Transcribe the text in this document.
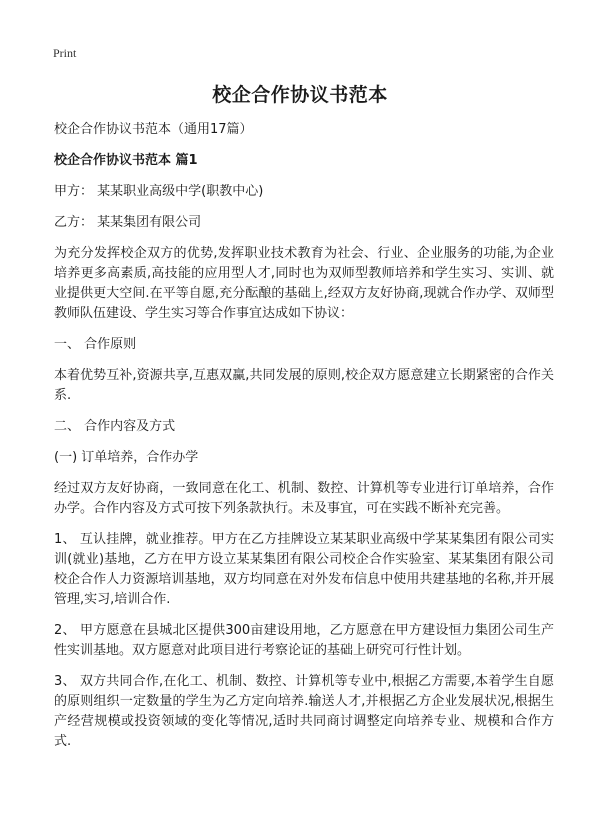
Print
校企合作协议书范本

校企合作协议书范本（通用17篇）

校企合作协议书范本 篇1

甲方： 某某职业高级中学(职教中心)

乙方： 某某集团有限公司

为充分发挥校企双方的优势,发挥职业技术教育为社会、行业、企业服务的功能,为企业培养更多高素质,高技能的应用型人才,同时也为双师型教师培养和学生实习、实训、就业提供更大空间.在平等自愿,充分酝酿的基础上,经双方友好协商,现就合作办学、双师型教师队伍建设、学生实习等合作事宜达成如下协议：

一、 合作原则

本着优势互补,资源共享,互惠双赢,共同发展的原则,校企双方愿意建立长期紧密的合作关系.

二、 合作内容及方式

(一) 订单培养，合作办学

经过双方友好协商，一致同意在化工、机制、数控、计算机等专业进行订单培养，合作办学。合作内容及方式可按下列条款执行。未及事宜，可在实践不断补充完善。

1、 互认挂牌，就业推荐。甲方在乙方挂牌设立某某职业高级中学某某集团有限公司实训(就业)基地，乙方在甲方设立某某集团有限公司校企合作实验室、某某集团有限公司校企合作人力资源培训基地，双方均同意在对外发布信息中使用共建基地的名称,并开展管理,实习,培训合作.

2、 甲方愿意在县城北区提供300亩建设用地，乙方愿意在甲方建设恒力集团公司生产性实训基地。双方愿意对此项目进行考察论证的基础上研究可行性计划。

3、 双方共同合作,在化工、机制、数控、计算机等专业中,根据乙方需要,本着学生自愿的原则组织一定数量的学生为乙方定向培养.输送人才,并根据乙方企业发展状况,根据生产经营规模或投资领域的变化等情况,适时共同商讨调整定向培养专业、规模和合作方式.
